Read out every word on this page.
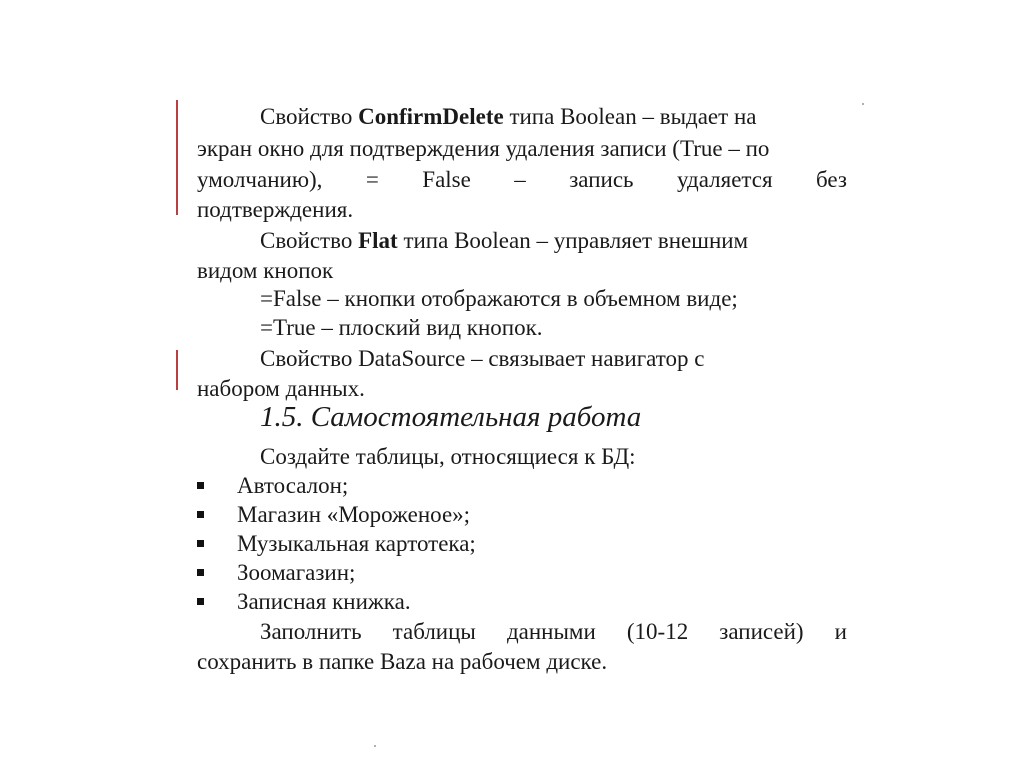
Свойство ConfirmDelete типа Boolean – выдает на
экран окно для подтверждения удаления записи (True – по
умолчанию), = False – запись удаляется без
подтверждения.
Свойство Flat типа Boolean – управляет внешним
видом кнопок
=False – кнопки отображаются в объемном виде;
=True – плоский вид кнопок.
Свойство DataSource – связывает навигатор с
набором данных.
1.5. Самостоятельная работа
Создайте таблицы, относящиеся к БД:
Автосалон;
Магазин «Мороженое»;
Музыкальная картотека;
Зоомагазин;
Записная книжка.
Заполнить таблицы данными (10-12 записей) и
сохранить в папке Baza на рабочем диске.
